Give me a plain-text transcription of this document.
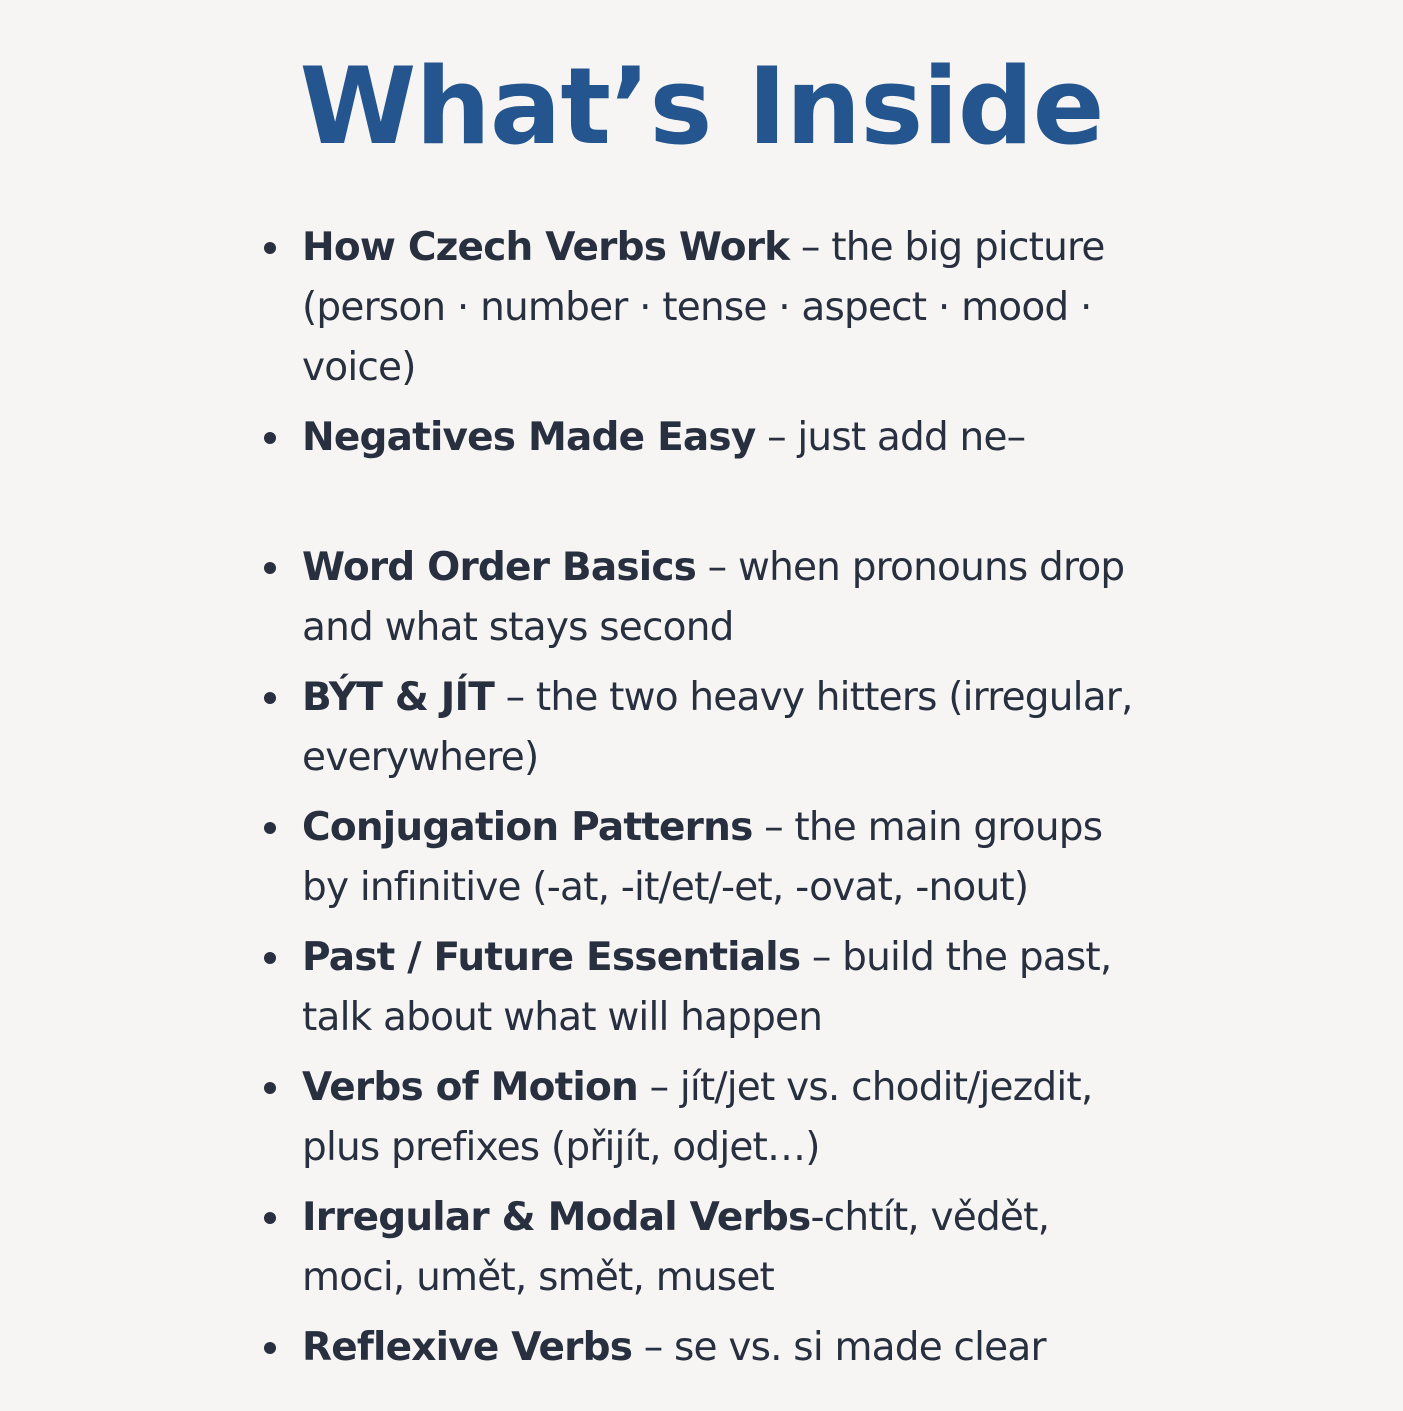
What’s Inside
How Czech Verbs Work – the big picture (person · number · tense · aspect · mood · voice)
Negatives Made Easy – just add ne–
Word Order Basics – when pronouns drop and what stays second
BÝT & JÍT – the two heavy hitters (irregular, everywhere)
Conjugation Patterns – the main groups by infinitive (-at, -it/et/-et, -ovat, -nout)
Past / Future Essentials – build the past, talk about what will happen
Verbs of Motion – jít/jet vs. chodit/jezdit, plus prefixes (přijít, odjet…)
Irregular & Modal Verbs-chtít, vědět, moci, umět, smět, muset
Reflexive Verbs – se vs. si made clear
